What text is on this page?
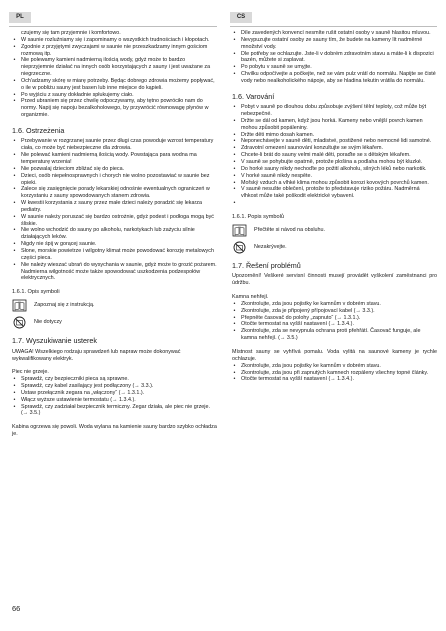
PL	CS
czujemy się tam przyjemnie i komfortowo.
• W saunie rozluźniamy się i zapominamy o wszystkich trudnościach i kłopotach.
• Zgodnie z przyjętymi zwyczajami w saunie nie przeszkadzamy innym gościom rozmową itp.
• Nie polewamy kamieni nadmierną ilością wody, gdyż może to bardzo nieprzyjemnie działać na innych osób korzystających z sauny i jest uważane za niegrzeczne.
• Och'adzamy skórę w miarę potrzeby. Będąc dobrego zdrowia możemy popływać, o ile w pobliżu sauny jest basen lub inne miejsce do kąpieli.
• Po wyjściu z sauny dokładnie spłukujemy ciało.
• Przed ubraniem się przez chwilę odpoczywamy, aby tętno powróciło nam do normy. Napij się napoju bezalkoholowego, by przywrócić równowagę płynów w organizmie.
1.6. Ostrzeżenia
• Przebywanie w rozgrzanej saunie przez długi czas powoduje wzrost temperatury ciała, co może być niebezpieczne dla zdrowia.
• Nie polewać kamieni nadmierną ilością wody. Powstająca para wodna ma temperaturę wrzenia!
• Nie pozwalaj dzieciom zbliżać się do pieca.
• Dzieci, osób niepełnosprawnych i chorych nie wolno pozostawiać w saunie bez opieki.
• Zalece się zasięgnięcie porady lekarskiej odnośnie ewentualnych ograniczeń w korzystaniu z sauny spowodowanych stanem zdrowia.
• W kwestii korzystania z sauny przez małe dzieci należy poradzić się lekarza pediatry.
• W saunie należy poruszać się bardzo ostrożnie, gdyż podest i podłoga mogą być śliskie.
• Nie wolno wchodzić do sauny po alkoholu, narkotykach lub zażyciu silnie działających leków.
• Nigdy nie śpij w gorącej saunie.
• Słone, morskie powietrze i wilgotny klimat może powodować korozję metalowych części pieca.
• Nie należy wieszać ubrań do wysychania w saunie, gdyż może to grozić pożarem. Nadmierna wilgotność może także spowodować uszkodzenia podzespołów elektrycznych.
1.6.1. Opis symboli
Zapoznaj się z instrukcją.
Nie dotyczy
1.7. Wyszukiwanie usterek

UWAGA! Wszelkiego rodzaju sprawdzeń lub napraw może dokonywać wykwalifikowany elektryk.

Piec nie grzeje.

• Sprawdź, czy bezpieczniki pieca są sprawne.
• Sprawdź, czy kabel zasilający jest podłączony (→ 3.3.).
• Ustaw przełącznik zegara na „włączony“ (→ 1.3.1.).
• Włącz wyższe ustawienie termostatu (→ 1.3.4.).
• Sprawdź, czy zadziałał bezpiecznik termiczny. Zegar działa, ale piec nie grzeje. (→ 3.5.)

Kabina ogrzewa się powoli. Woda wylana na kamienie sauny bardzo szybko ochładza je.

• Díle zavedených konvencí nesmíte rušit ostatní osoby v sauně hlasitou mluvou.
• Nevypuzujte ostatní osoby ze sauny tím, že budete na kameny lít nadměrné množství vody.
• Dle potřeby se ochlazujte. Jste-li v dobrém zdravotním stavu a máte-li k dispozici bazén, můžete si zaplavat.
• Po pobytu v sauně se umyjte.
• Chvilku odpočívejte a počkejte, než se vám pulz vrátí do normálu. Napijte se čisté vody nebo nealkoholického nápoje, aby se hladina tekutin vrátila do normálu.
1.6. Varování
• Pobyt v sauně po dlouhou dobu způsobuje zvýšení tělní teploty, což může být nebezpečné.
• Držte se dál od kamen, když jsou horká. Kameny nebo vnější povrch kamen mohou způsobit popáleniny.
• Držte děti mimo dosah kamen.
• Neponechávejte v sauně děti, mladistvé, postižené nebo nemocné lidi samotné.
• Zdravotní omezení saunování konzultujte se svým lékařem.
• Chcete-li brát do sauny velmi malé děti, poraďte se s dětským lékařem.
• V sauně se pohybujte opatrně, protože plošina a podlaha mohou být kluzké.
• Do horké sauny nikdy nechoďte po požití alkoholu, silných léků nebo narkotik.
• V horké sauně nikdy nespěte.
• Mořský vzduch a vlhké klima mohou způsobit korozi kovových povrchů kamen.
• V sauně nesušte oblečení, protože to představuje riziko požáru. Nadměrná vlhkost může také poškodit elektrické vybavení.
•
1.6.1. Popis symbolů
Přečtěte si návod na obsluhu.
Nezakrývejte.
1.7. Řešení problémů

Upozornění! Veškeré servisní činnosti musejí provádět vyškolení zaměstnanci pro údržbu.

Kamna nehřejí.

• Zkontrolujte, zda jsou pojistky ke kamnům v dobrém stavu.
• Zkontrolujte, zda je připojený přípojovací kabel (→ 3.3.).
• Přepněte časovač do polohy „zapnuto“ (→ 1.3.1.).
• Otočte termostat na vyšší nastavení (→ 1.3.4.).
• Zkontrolujte, zda se nevypnula ochrana proti přehřátí. Časovač funguje, ale kamna nehřejí. (→ 3.5.)

Místnost sauny se vyhřívá pomalu. Voda vylitá na saunové kameny je rychle ochlazuje.

• Zkontrolujte, zda jsou pojistky ke kamnům v dobrém stavu.
• Zkontrolujte, zda jsou při zapnutých kamnech rozpáleny všechny topné články.
• Otočte termostat na vyšší nastavení (→ 1.3.4.).
66
